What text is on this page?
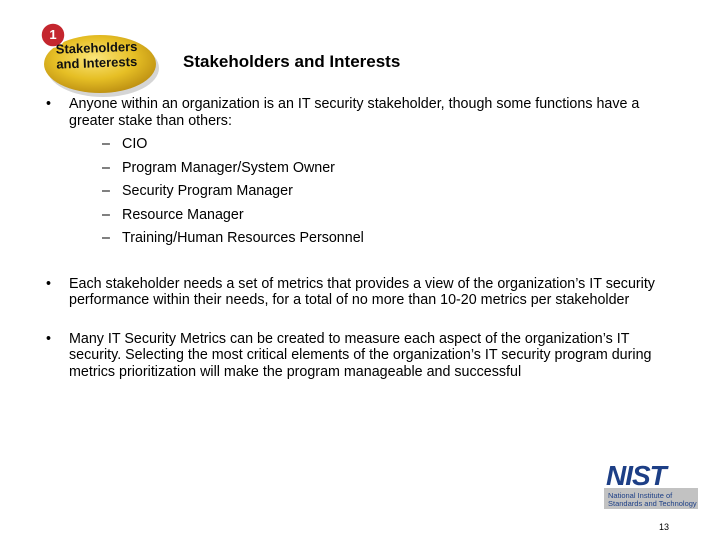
1
Stakeholders
and Interests	Stakeholders and Interests
• Anyone within an organization is an IT security stakeholder, though some functions have a greater stake than others:
– CIO
– Program Manager/System Owner
– Security Program Manager
– Resource Manager
– Training/Human Resources Personnel
• Each stakeholder needs a set of metrics that provides a view of the organization’s IT security performance within their needs, for a total of no more than 10-20 metrics per stakeholder
• Many IT Security Metrics can be created to measure each aspect of the organization’s IT security. Selecting the most critical elements of the organization’s IT security program during metrics prioritization will make the program manageable and successful
NIST
National Institute of
Standards and Technology
13
